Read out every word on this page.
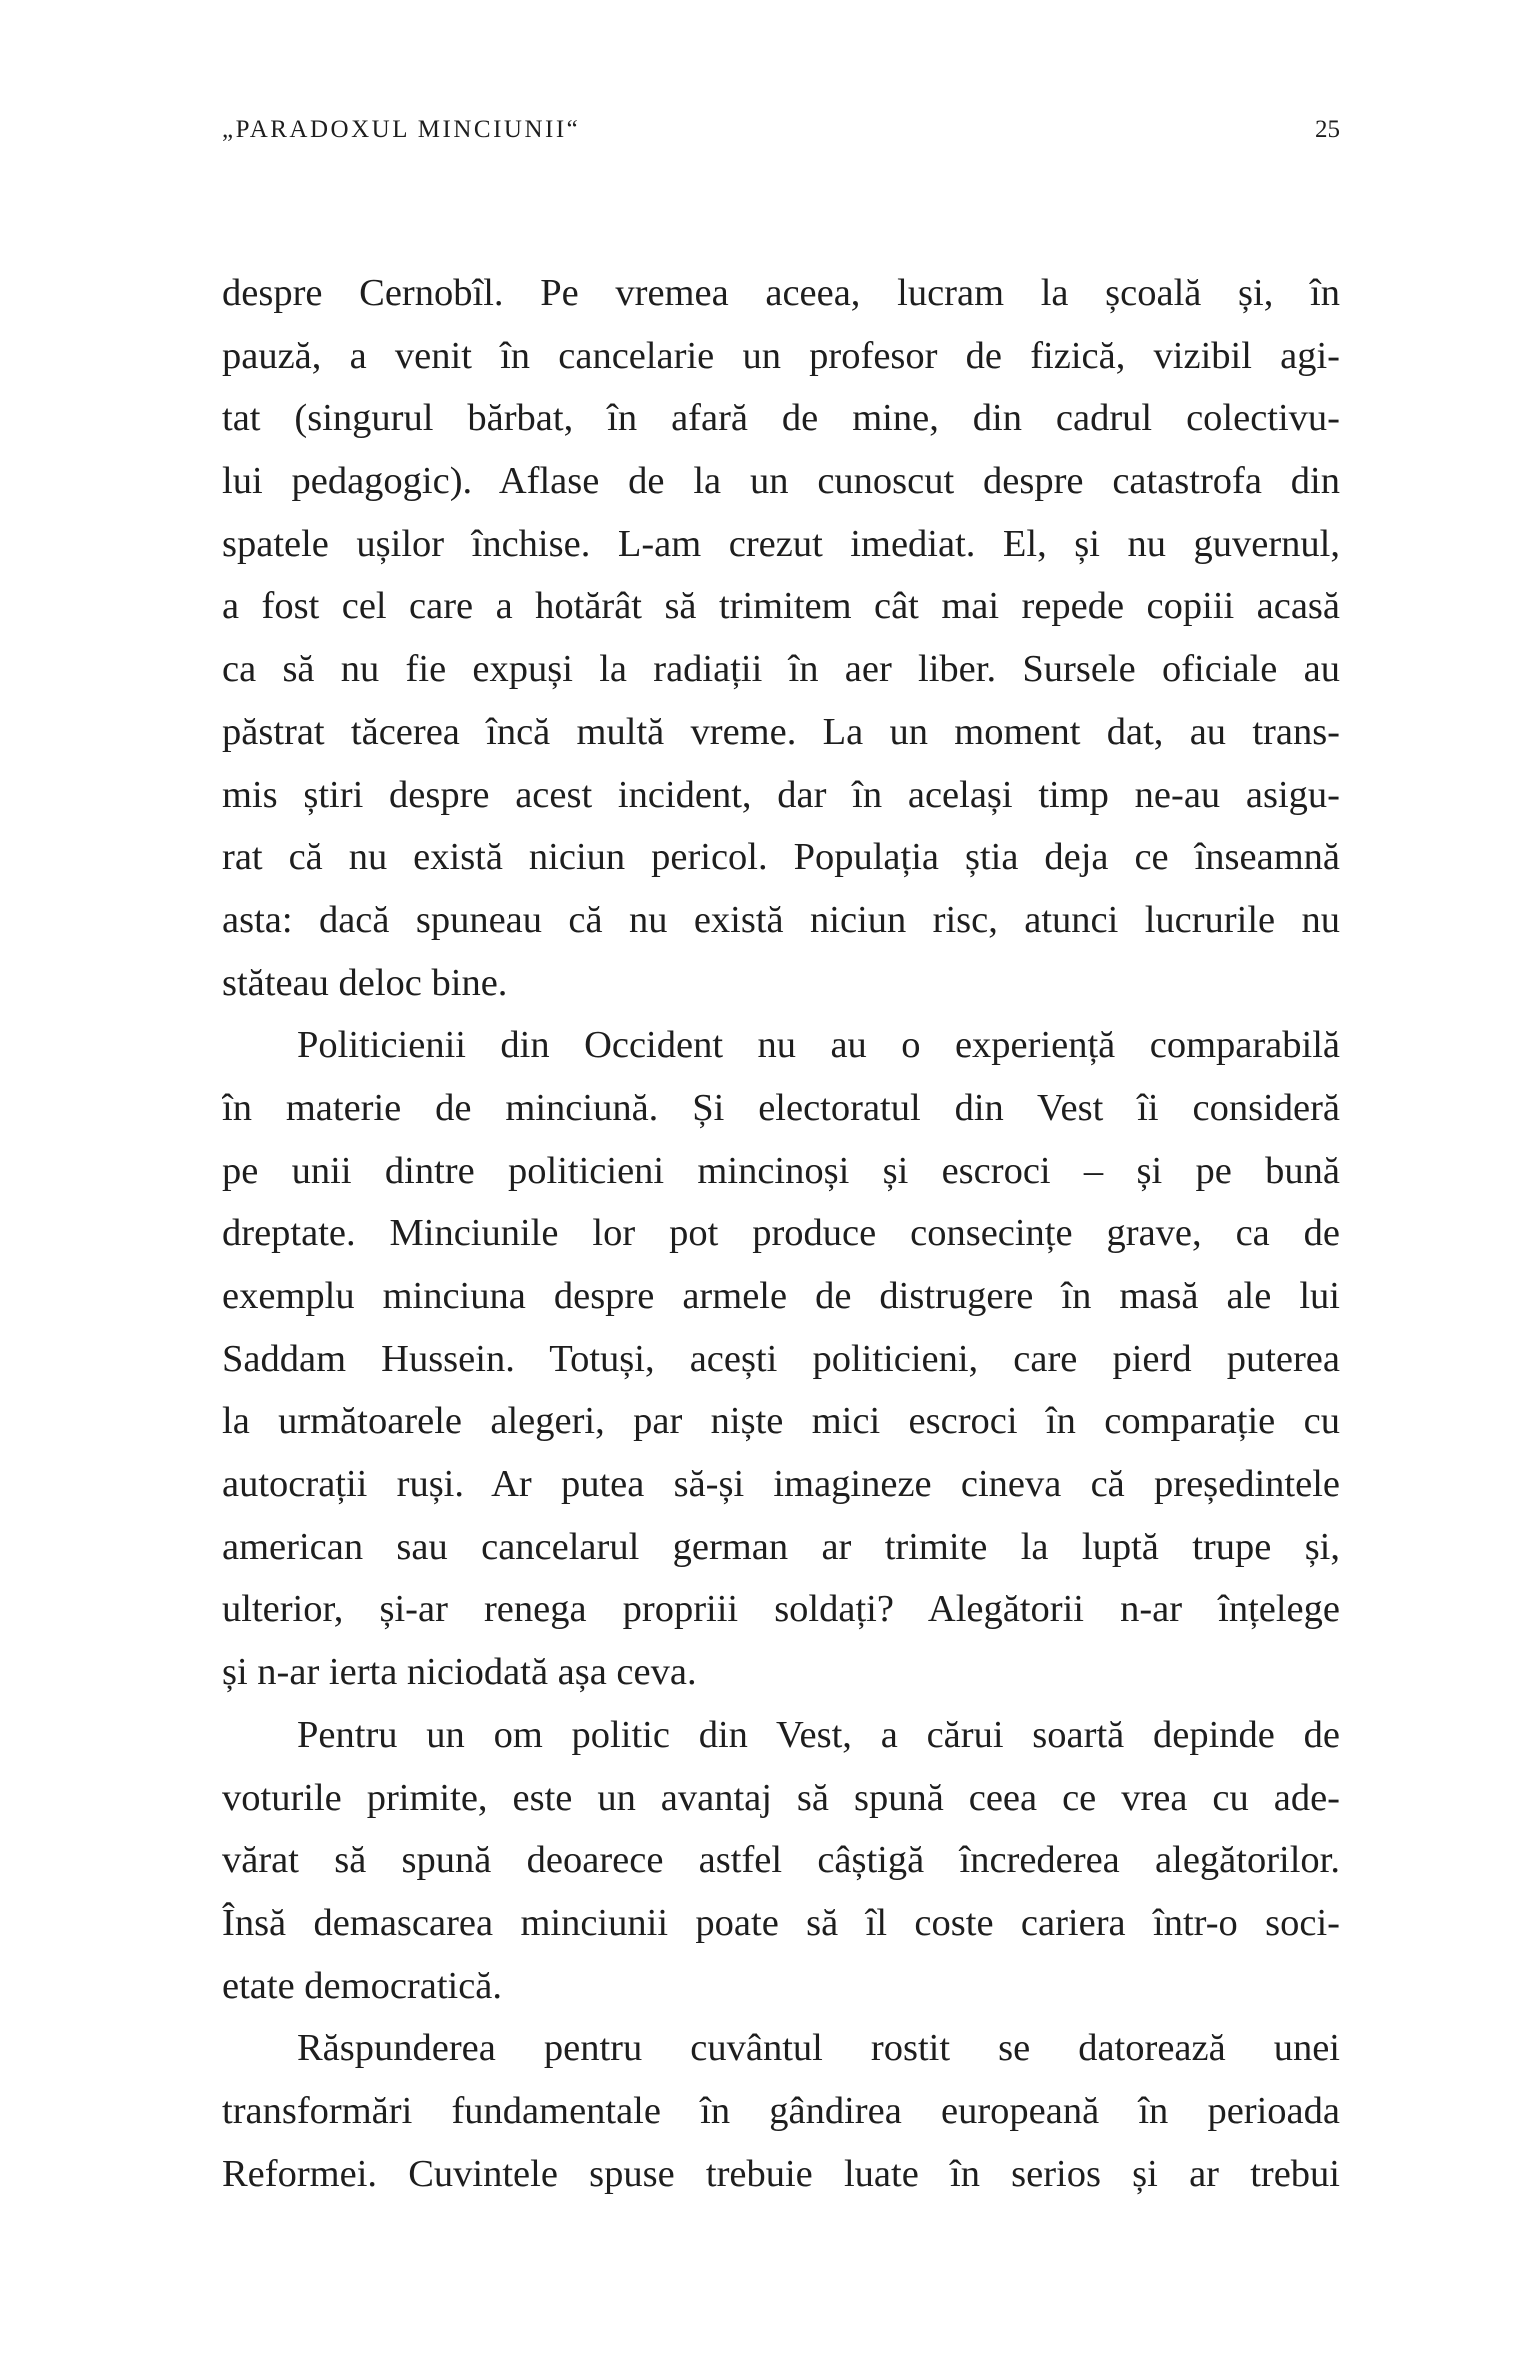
„PARADOXUL MINCIUNII“	25
despre Cernobîl. Pe vremea aceea, lucram la școală și, în
pauză, a venit în cancelarie un profesor de fizică, vizibil agi-
tat (singurul bărbat, în afară de mine, din cadrul colectivu-
lui pedagogic). Aflase de la un cunoscut despre catastrofa din
spatele ușilor închise. L-am crezut imediat. El, și nu guvernul,
a fost cel care a hotărât să trimitem cât mai repede copiii acasă
ca să nu fie expuși la radiații în aer liber. Sursele oficiale au
păstrat tăcerea încă multă vreme. La un moment dat, au trans-
mis știri despre acest incident, dar în același timp ne-au asigu-
rat că nu există niciun pericol. Populația știa deja ce înseamnă
asta: dacă spuneau că nu există niciun risc, atunci lucrurile nu
stăteau deloc bine.
Politicienii din Occident nu au o experiență comparabilă
în materie de minciună. Și electoratul din Vest îi consideră
pe unii dintre politicieni mincinoși și escroci – și pe bună
dreptate. Minciunile lor pot produce consecințe grave, ca de
exemplu minciuna despre armele de distrugere în masă ale lui
Saddam Hussein. Totuși, acești politicieni, care pierd puterea
la următoarele alegeri, par niște mici escroci în comparație cu
autocrații ruși. Ar putea să-și imagineze cineva că președintele
american sau cancelarul german ar trimite la luptă trupe și,
ulterior, și-ar renega propriii soldați? Alegătorii n-ar înțelege
și n-ar ierta niciodată așa ceva.
Pentru un om politic din Vest, a cărui soartă depinde de
voturile primite, este un avantaj să spună ceea ce vrea cu ade-
vărat să spună deoarece astfel câștigă încrederea alegătorilor.
Însă demascarea minciunii poate să îl coste cariera într-o soci-
etate democratică.
Răspunderea pentru cuvântul rostit se datorează unei
transformări fundamentale în gândirea europeană în perioada
Reformei. Cuvintele spuse trebuie luate în serios și ar trebui
